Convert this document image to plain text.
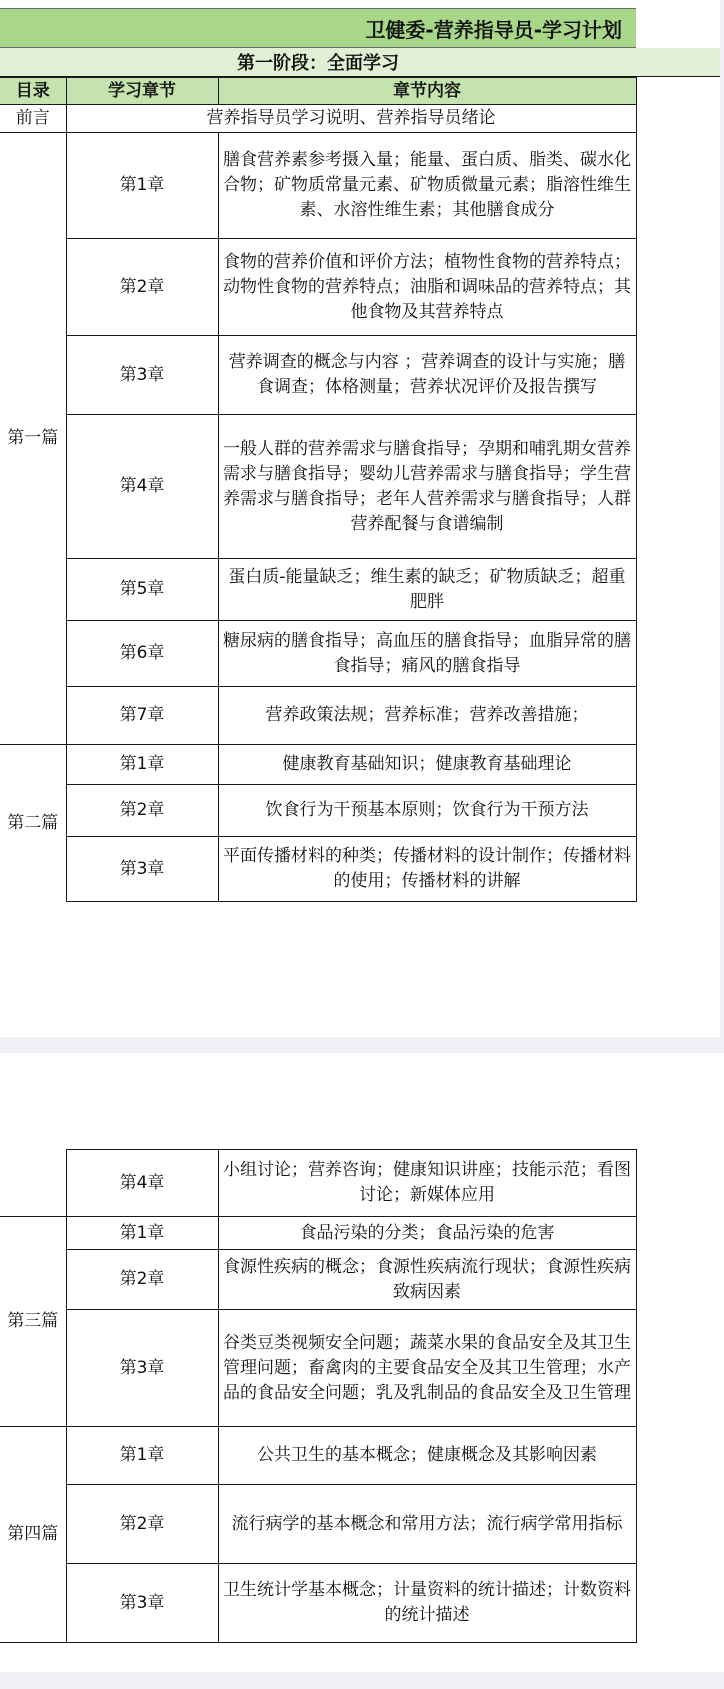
卫健委-营养指导员-学习计划
第一阶段：全面学习
目录	学习章节	章节内容
前言	营养指导员学习说明、营养指导员绪论	
第一篇	第1章	膳食营养素参考摄入量；能量、蛋白质、脂类、碳水化合物；矿物质常量元素、矿物质微量元素；脂溶性维生素、水溶性维生素；其他膳食成分
	第2章	食物的营养价值和评价方法；植物性食物的营养特点；动物性食物的营养特点；油脂和调味品的营养特点；其他食物及其营养特点
	第3章	营养调查的概念与内容 ；营养调查的设计与实施；膳食调查；体格测量；营养状况评价及报告撰写
	第4章	一般人群的营养需求与膳食指导；孕期和哺乳期女营养需求与膳食指导；婴幼儿营养需求与膳食指导；学生营养需求与膳食指导；老年人营养需求与膳食指导；人群营养配餐与食谱编制
	第5章	蛋白质-能量缺乏；维生素的缺乏；矿物质缺乏；超重肥胖
	第6章	糖尿病的膳食指导；高血压的膳食指导；血脂异常的膳食指导；痛风的膳食指导
	第7章	营养政策法规；营养标准；营养改善措施；
第二篇	第1章	健康教育基础知识；健康教育基础理论
	第2章	饮食行为干预基本原则；饮食行为干预方法
	第3章	平面传播材料的种类；传播材料的设计制作；传播材料的使用；传播材料的讲解
	第4章	小组讨论；营养咨询；健康知识讲座；技能示范；看图讨论；新媒体应用
第三篇	第1章	食品污染的分类；食品污染的危害
	第2章	食源性疾病的概念；食源性疾病流行现状；食源性疾病致病因素
	第3章	谷类豆类视频安全问题；蔬菜水果的食品安全及其卫生管理问题；畜禽肉的主要食品安全及其卫生管理；水产品的食品安全问题；乳及乳制品的食品安全及卫生管理
第四篇	第1章	公共卫生的基本概念；健康概念及其影响因素
	第2章	流行病学的基本概念和常用方法；流行病学常用指标
	第3章	卫生统计学基本概念；计量资料的统计描述；计数资料的统计描述
